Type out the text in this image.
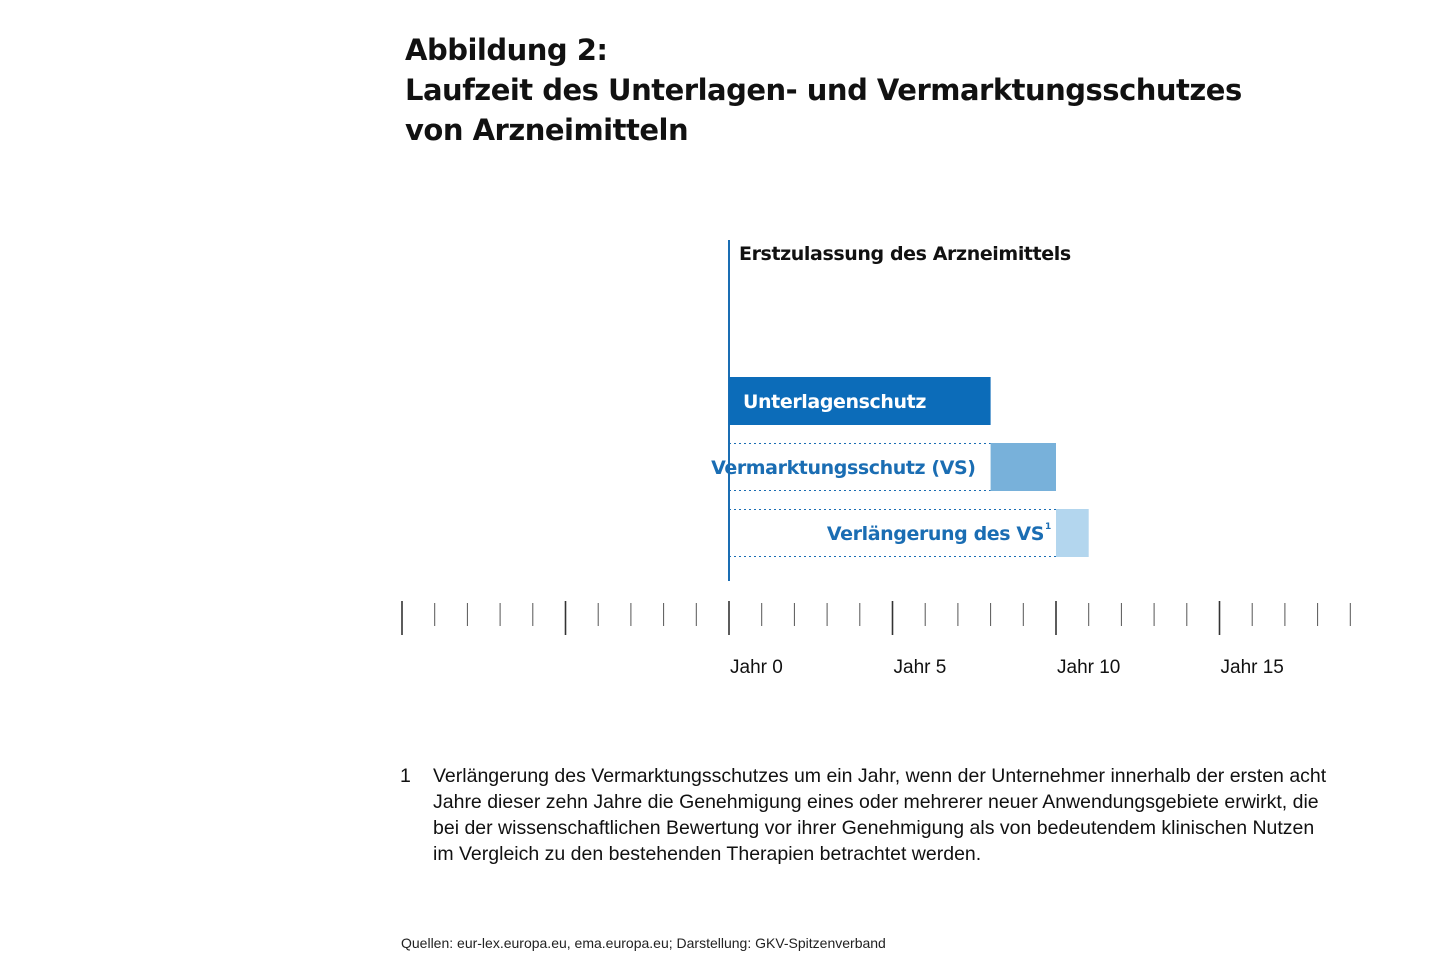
Abbildung 2:
Laufzeit des Unterlagen- und Vermarktungsschutzes
von Arzneimitteln
Erstzulassung des Arzneimittels
Unterlagenschutz
Vermarktungsschutz (VS)
Verlängerung des VS 1
Jahr 0	Jahr 5	Jahr 10	Jahr 15
1 Verlängerung des Vermarktungsschutzes um ein Jahr, wenn der Unternehmer innerhalb der ersten acht Jahre dieser zehn Jahre die Genehmigung eines oder mehrerer neuer Anwendungsgebiete erwirkt, die bei der wissenschaftlichen Bewertung vor ihrer Genehmigung als von bedeutendem klinischen Nutzen im Vergleich zu den bestehenden Therapien betrachtet werden.
Quellen: eur-lex.europa.eu, ema.europa.eu; Darstellung: GKV-Spitzenverband
